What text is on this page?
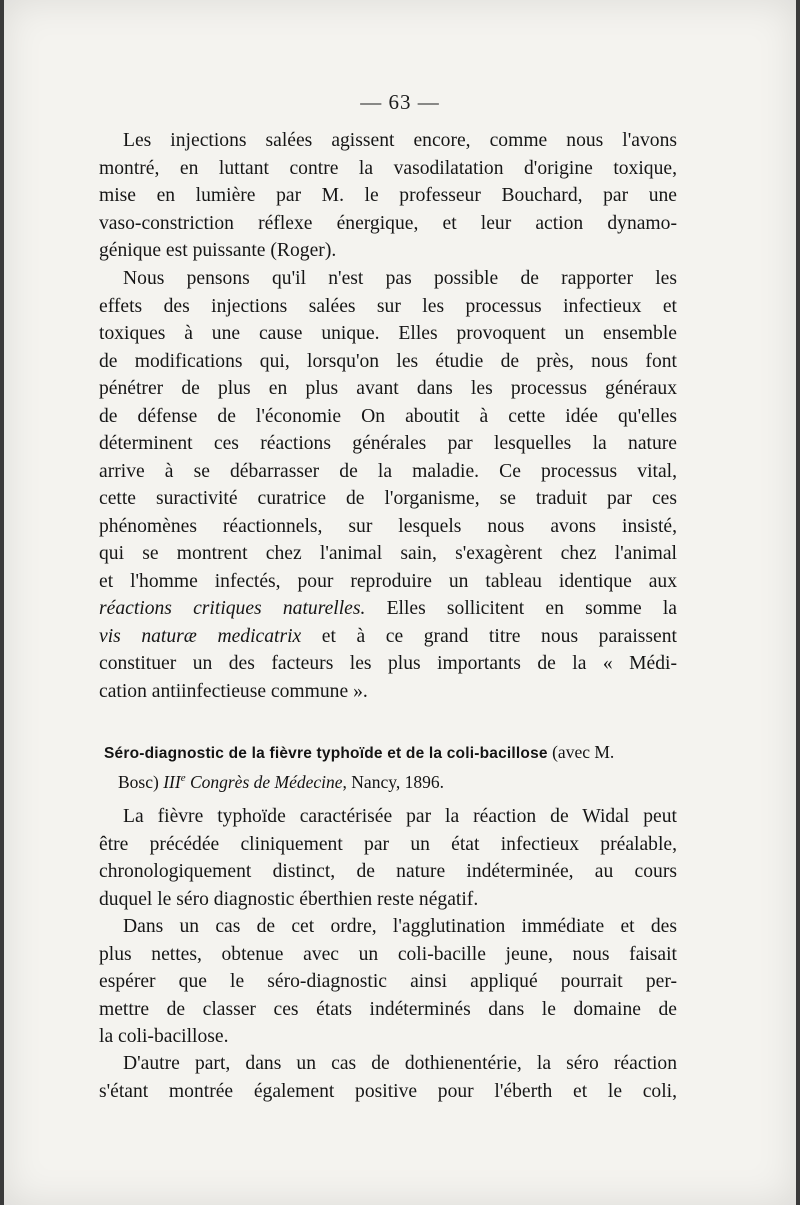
— 63 —
Les injections salées agissent encore, comme nous l'avons
montré, en luttant contre la vasodilatation d'origine toxique,
mise en lumière par M. le professeur Bouchard, par une
vaso-constriction réflexe énergique, et leur action dynamo-
génique est puissante (Roger).
Nous pensons qu'il n'est pas possible de rapporter les
effets des injections salées sur les processus infectieux et
toxiques à une cause unique. Elles provoquent un ensemble
de modifications qui, lorsqu'on les étudie de près, nous font
pénétrer de plus en plus avant dans les processus généraux
de défense de l'économie On aboutit à cette idée qu'elles
déterminent ces réactions générales par lesquelles la nature
arrive à se débarrasser de la maladie. Ce processus vital,
cette suractivité curatrice de l'organisme, se traduit par ces
phénomènes réactionnels, sur lesquels nous avons insisté,
qui se montrent chez l'animal sain, s'exagèrent chez l'animal
et l'homme infectés, pour reproduire un tableau identique aux
réactions critiques naturelles. Elles sollicitent en somme la
vis naturæ medicatrix et à ce grand titre nous paraissent
constituer un des facteurs les plus importants de la « Médi-
cation antiinfectieuse commune ».
Séro-diagnostic de la fièvre typhoïde et de la coli-bacillose (avec M.
Bosc) IIIe Congrès de Médecine, Nancy, 1896.
La fièvre typhoïde caractérisée par la réaction de Widal peut
être précédée cliniquement par un état infectieux préalable,
chronologiquement distinct, de nature indéterminée, au cours
duquel le séro diagnostic éberthien reste négatif.
Dans un cas de cet ordre, l'agglutination immédiate et des
plus nettes, obtenue avec un coli-bacille jeune, nous faisait
espérer que le séro-diagnostic ainsi appliqué pourrait per-
mettre de classer ces états indéterminés dans le domaine de
la coli-bacillose.
D'autre part, dans un cas de dothienentérie, la séro réaction
s'étant montrée également positive pour l'éberth et le coli,
